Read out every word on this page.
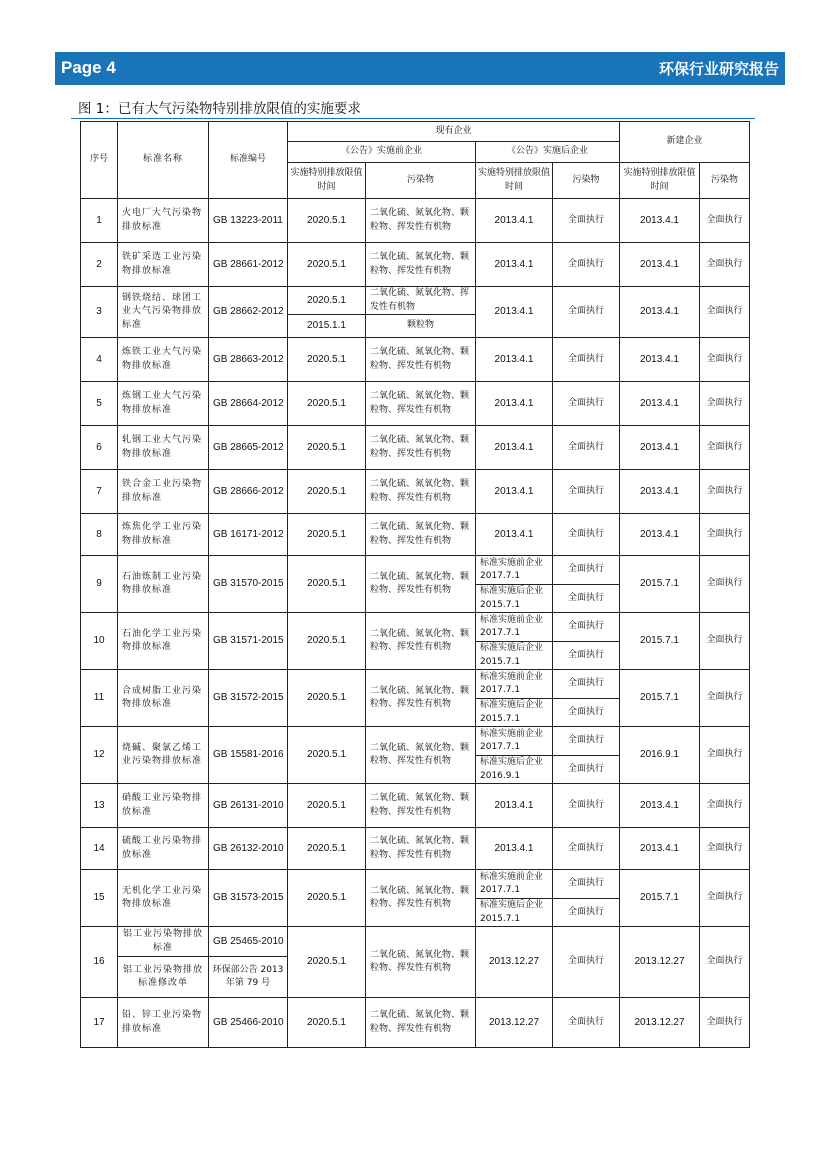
Page 4	环保行业研究报告
图 1：已有大气污染物特别排放限值的实施要求
序号	标准名称	标准编号	现有企业				新建企业	
			《公告》实施前企业		《公告》实施后企业			
			实施特别排放限值时间	污染物	实施特别排放限值时间	污染物	实施特别排放限值时间	污染物
1	火电厂大气污染物排放标准	GB 13223-2011	2020.5.1	二氧化硫、氮氧化物、颗粒物、挥发性有机物	2013.4.1	全面执行	2013.4.1	全面执行
2	铁矿采选工业污染物排放标准	GB 28661-2012	2020.5.1	二氧化硫、氮氧化物、颗粒物、挥发性有机物	2013.4.1	全面执行	2013.4.1	全面执行
3	钢铁烧结、球团工业大气污染物排放标准	GB 28662-2012	2020.5.1	二氧化硫、氮氧化物、挥发性有机物	2013.4.1	全面执行	2013.4.1	全面执行
			2015.1.1	颗粒物				
4	炼铁工业大气污染物排放标准	GB 28663-2012	2020.5.1	二氧化硫、氮氧化物、颗粒物、挥发性有机物	2013.4.1	全面执行	2013.4.1	全面执行
5	炼钢工业大气污染物排放标准	GB 28664-2012	2020.5.1	二氧化硫、氮氧化物、颗粒物、挥发性有机物	2013.4.1	全面执行	2013.4.1	全面执行
6	轧钢工业大气污染物排放标准	GB 28665-2012	2020.5.1	二氧化硫、氮氧化物、颗粒物、挥发性有机物	2013.4.1	全面执行	2013.4.1	全面执行
7	铁合金工业污染物排放标准	GB 28666-2012	2020.5.1	二氧化硫、氮氧化物、颗粒物、挥发性有机物	2013.4.1	全面执行	2013.4.1	全面执行
8	炼焦化学工业污染物排放标准	GB 16171-2012	2020.5.1	二氧化硫、氮氧化物、颗粒物、挥发性有机物	2013.4.1	全面执行	2013.4.1	全面执行
9	石油炼制工业污染物排放标准	GB 31570-2015	2020.5.1	二氧化硫、氮氧化物、颗粒物、挥发性有机物	标准实施前企业 2017.7.1	全面执行	2015.7.1	全面执行
					标准实施后企业 2015.7.1	全面执行		
10	石油化学工业污染物排放标准	GB 31571-2015	2020.5.1	二氧化硫、氮氧化物、颗粒物、挥发性有机物	标准实施前企业 2017.7.1	全面执行	2015.7.1	全面执行
					标准实施后企业 2015.7.1	全面执行		
11	合成树脂工业污染物排放标准	GB 31572-2015	2020.5.1	二氧化硫、氮氧化物、颗粒物、挥发性有机物	标准实施前企业 2017.7.1	全面执行	2015.7.1	全面执行
					标准实施后企业 2015.7.1	全面执行		
12	烧碱、聚氯乙烯工业污染物排放标准	GB 15581-2016	2020.5.1	二氧化硫、氮氧化物、颗粒物、挥发性有机物	标准实施前企业 2017.7.1	全面执行	2016.9.1	全面执行
					标准实施后企业 2016.9.1	全面执行		
13	硝酸工业污染物排放标准	GB 26131-2010	2020.5.1	二氧化硫、氮氧化物、颗粒物、挥发性有机物	2013.4.1	全面执行	2013.4.1	全面执行
14	硫酸工业污染物排放标准	GB 26132-2010	2020.5.1	二氧化硫、氮氧化物、颗粒物、挥发性有机物	2013.4.1	全面执行	2013.4.1	全面执行
15	无机化学工业污染物排放标准	GB 31573-2015	2020.5.1	二氧化硫、氮氧化物、颗粒物、挥发性有机物	标准实施前企业 2017.7.1	全面执行	2015.7.1	全面执行
					标准实施后企业 2015.7.1	全面执行		
16	铝工业污染物排放标准	GB 25465-2010	2020.5.1	二氧化硫、氮氧化物、颗粒物、挥发性有机物	2013.12.27	全面执行	2013.12.27	全面执行
	铝工业污染物排放标准修改单	环保部公告 2013 年第 79 号						
17	铅、锌工业污染物排放标准	GB 25466-2010	2020.5.1	二氧化硫、氮氧化物、颗粒物、挥发性有机物	2013.12.27	全面执行	2013.12.27	全面执行
